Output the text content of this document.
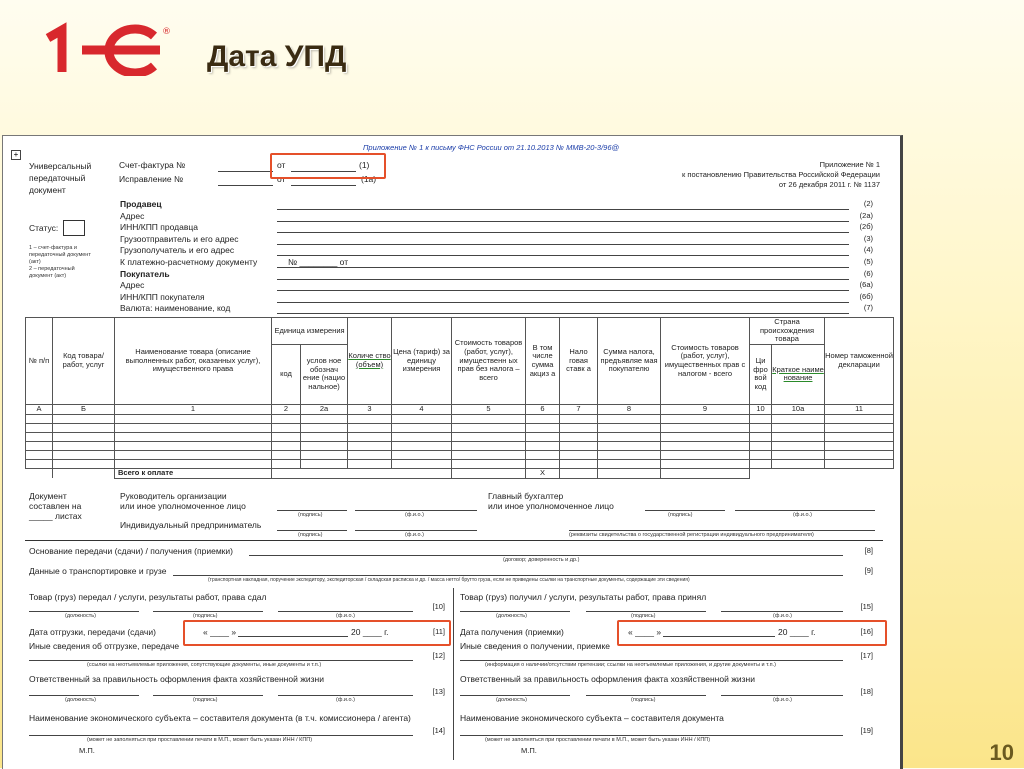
®
Дата УПД
10
+
Приложение № 1 к письму ФНС России от 21.10.2013 № ММВ-20-3/96@
Универсальный
передаточный
документ
Счет-фактура №	от	(1)
Исправление №	от	(1а)
Приложение № 1
к постановлению Правительства Российской Федерации
от 26 декабря 2011 г. № 1137
Статус:
1 – счет-фактура и
передаточный документ
(акт)
2 – передаточный
документ (акт)
Продавец	(2)
Адрес	(2а)
ИНН/КПП продавца	(2б)
Грузоотправитель и его адрес	(3)
Грузополучатель и его адрес	(4)
К платежно-расчетному документу	№ ________ от	(5)
Покупатель	(6)
Адрес	(6а)
ИНН/КПП покупателя	(6б)
Валюта: наименование, код	(7)
№ п/п	Код товара/ работ, услуг	Наименование товара (описание выполненных работ, оказанных услуг), имущественного права	Единица измерения		Количе ство (объем)	Цена (тариф) за единицу измерения	Стоимость товаров (работ, услуг), имущественн ых прав без налога – всего	В том числе сумма акциз а	Нало говая ставк а	Сумма налога, предъявляе мая покупателю	Стоимость товаров (работ, услуг), имущественных прав с налогом - всего	Страна происхождения товара		Номер таможенной декларации
			код	услов ное обознач ение (нацио нальное)								Ци фро вой код	Краткое наиме нование	
А	Б	1	2	2а	3	4	5	6	7	8	9	10	10а	11

		Всего к оплате						X						
Документ
составлен на
_____ листах
Руководитель организации
или иное уполномоченное лицо
(подпись)	(ф.и.о.)
Главный бухгалтер
или иное уполномоченное лицо
(подпись)	(ф.и.о.)
Индивидуальный предприниматель
(подпись)	(ф.и.о.)	(реквизиты свидетельства о государственной регистрации индивидуального предпринимателя)
Основание передачи (сдачи) / получения (приемки)	[8]
(договор; доверенность и др.)
Данные о транспортировке и грузе	[9]
(транспортная накладная, поручение экспедитору, экспедиторская / складская расписка и др. / масса нетто/ брутто груза, если не приведены ссылки на транспортные документы, содержащие эти сведения)
Товар (груз) передал / услуги, результаты работ, права сдал
[10]
(должность)	(подпись)	(ф.и.о.)
Дата отгрузки, передачи (сдачи)	« ____ »	20 ____ г.	[11]
Иные сведения об отгрузке, передаче
[12]
(ссылки на неотъемлемые приложения, сопутствующие документы, иные документы и т.п.)
Ответственный за правильность оформления факта хозяйственной жизни
[13]
(должность)	(подпись)	(ф.и.о.)
Наименование экономического субъекта – составителя документа (в т.ч. комиссионера / агента)
[14]
(может не заполняться при проставлении печати в М.П., может быть указан ИНН / КПП)
М.П.
Товар (груз) получил / услуги, результаты работ, права принял
[15]
(должность)	(подпись)	(ф.и.о.)
Дата получения (приемки)	« ____ »	20 ____ г.	[16]
Иные сведения о получении, приемке
[17]
(информация о наличии/отсутствии претензии; ссылки на неотъемлемые приложения, и другие документы и т.п.)
Ответственный за правильность оформления факта хозяйственной жизни
[18]
(должность)	(подпись)	(ф.и.о.)
Наименование экономического субъекта – составителя документа
[19]
(может не заполняться при проставлении печати в М.П., может быть указан ИНН / КПП)
М.П.
